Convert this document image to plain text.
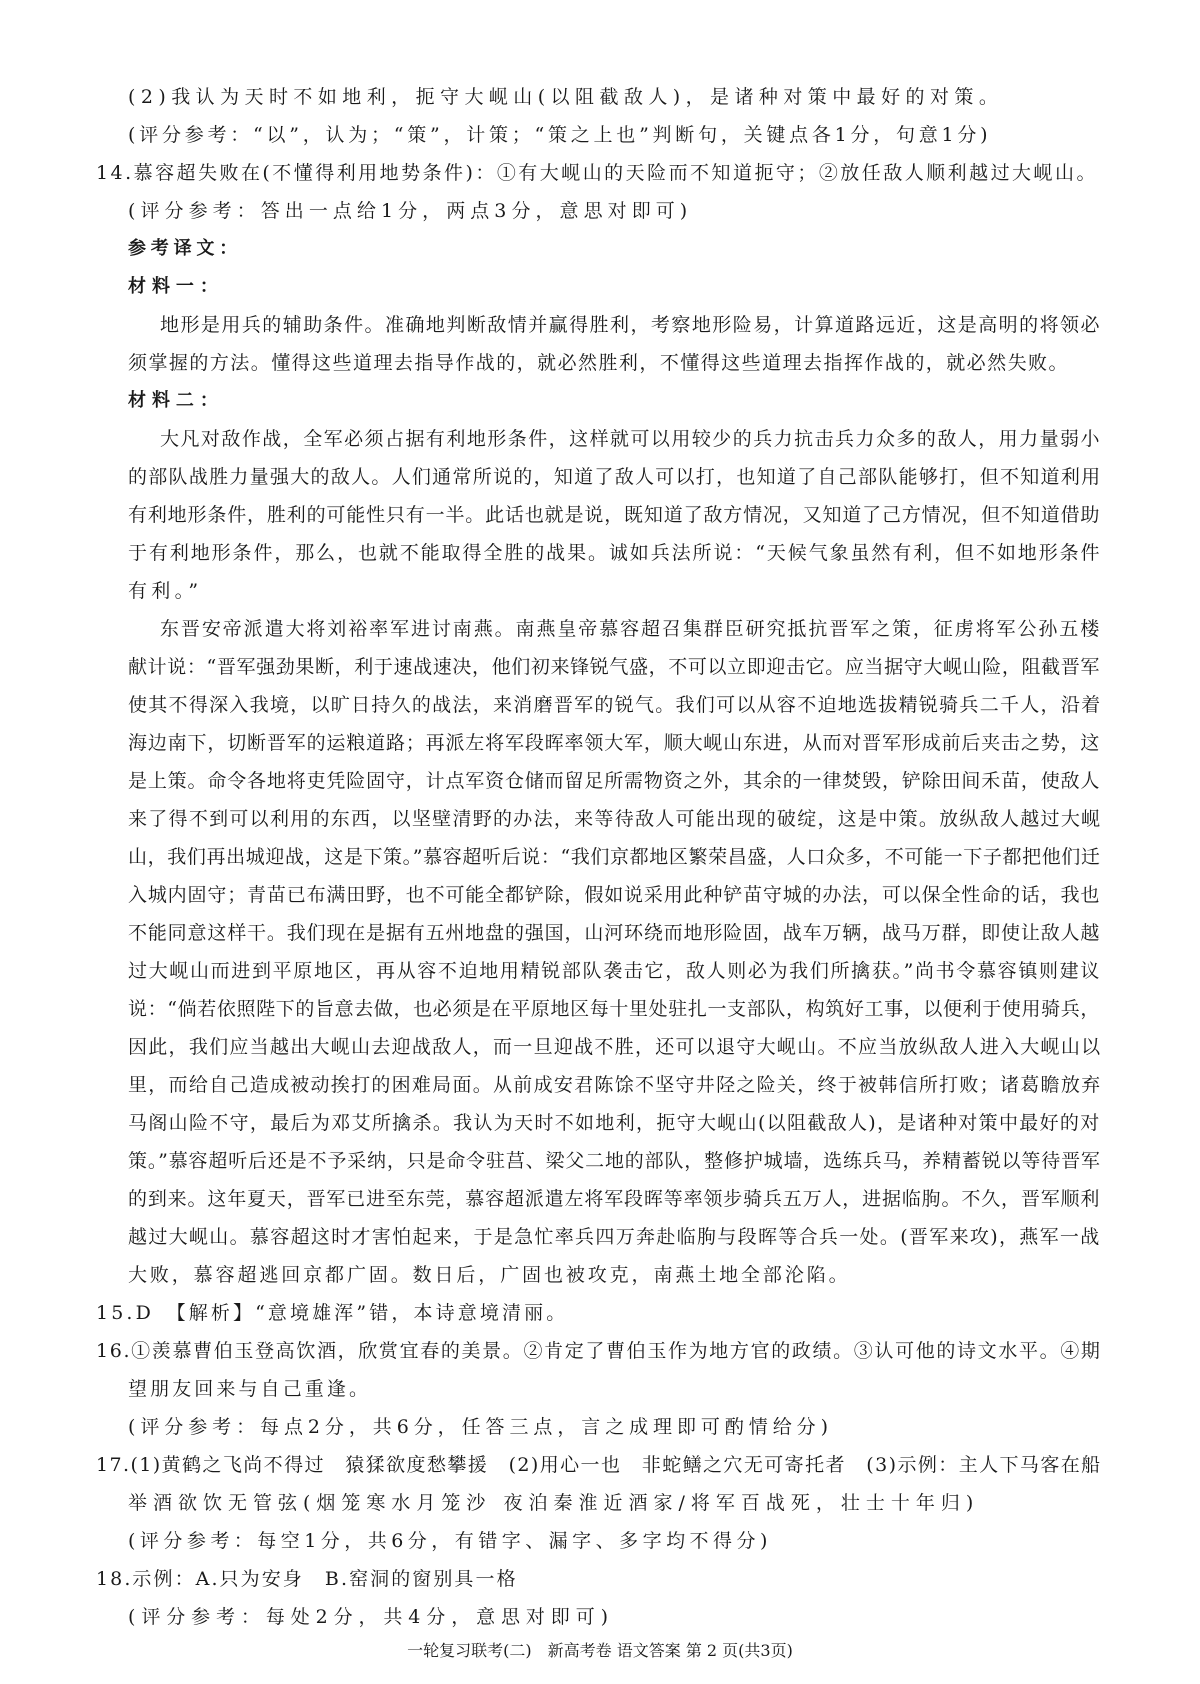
(2)我认为天时不如地利，扼守大岘山(以阻截敌人)，是诸种对策中最好的对策。
(评分参考：“以”，认为；“策”，计策；“策之上也”判断句，关键点各1分，句意1分)
14.慕容超失败在(不懂得利用地势条件)：①有大岘山的天险而不知道扼守；②放任敌人顺利越过大岘山。
(评分参考：答出一点给1分，两点3分，意思对即可)
参考译文：
材料一：
地形是用兵的辅助条件。准确地判断敌情并赢得胜利，考察地形险易，计算道路远近，这是高明的将领必
须掌握的方法。懂得这些道理去指导作战的，就必然胜利，不懂得这些道理去指挥作战的，就必然失败。
材料二：
大凡对敌作战，全军必须占据有利地形条件，这样就可以用较少的兵力抗击兵力众多的敌人，用力量弱小
的部队战胜力量强大的敌人。人们通常所说的，知道了敌人可以打，也知道了自己部队能够打，但不知道利用
有利地形条件，胜利的可能性只有一半。此话也就是说，既知道了敌方情况，又知道了己方情况，但不知道借助
于有利地形条件，那么，也就不能取得全胜的战果。诚如兵法所说：“天候气象虽然有利，但不如地形条件
有利。”
东晋安帝派遣大将刘裕率军进讨南燕。南燕皇帝慕容超召集群臣研究抵抗晋军之策，征虏将军公孙五楼
献计说：“晋军强劲果断，利于速战速决，他们初来锋锐气盛，不可以立即迎击它。应当据守大岘山险，阻截晋军
使其不得深入我境，以旷日持久的战法，来消磨晋军的锐气。我们可以从容不迫地选拔精锐骑兵二千人，沿着
海边南下，切断晋军的运粮道路；再派左将军段晖率领大军，顺大岘山东进，从而对晋军形成前后夹击之势，这
是上策。命令各地将吏凭险固守，计点军资仓储而留足所需物资之外，其余的一律焚毁，铲除田间禾苗，使敌人
来了得不到可以利用的东西，以坚壁清野的办法，来等待敌人可能出现的破绽，这是中策。放纵敌人越过大岘
山，我们再出城迎战，这是下策。”慕容超听后说：“我们京都地区繁荣昌盛，人口众多，不可能一下子都把他们迁
入城内固守；青苗已布满田野，也不可能全都铲除，假如说采用此种铲苗守城的办法，可以保全性命的话，我也
不能同意这样干。我们现在是据有五州地盘的强国，山河环绕而地形险固，战车万辆，战马万群，即使让敌人越
过大岘山而进到平原地区，再从容不迫地用精锐部队袭击它，敌人则必为我们所擒获。”尚书令慕容镇则建议
说：“倘若依照陛下的旨意去做，也必须是在平原地区每十里处驻扎一支部队，构筑好工事，以便利于使用骑兵，
因此，我们应当越出大岘山去迎战敌人，而一旦迎战不胜，还可以退守大岘山。不应当放纵敌人进入大岘山以
里，而给自己造成被动挨打的困难局面。从前成安君陈馀不坚守井陉之险关，终于被韩信所打败；诸葛瞻放弃
马阁山险不守，最后为邓艾所擒杀。我认为天时不如地利，扼守大岘山(以阻截敌人)，是诸种对策中最好的对
策。”慕容超听后还是不予采纳，只是命令驻莒、梁父二地的部队，整修护城墙，选练兵马，养精蓄锐以等待晋军
的到来。这年夏天，晋军已进至东莞，慕容超派遣左将军段晖等率领步骑兵五万人，进据临朐。不久，晋军顺利
越过大岘山。慕容超这时才害怕起来，于是急忙率兵四万奔赴临朐与段晖等合兵一处。(晋军来攻)，燕军一战
大败，慕容超逃回京都广固。数日后，广固也被攻克，南燕土地全部沦陷。
15.D　【解析】“意境雄浑”错，本诗意境清丽。
16.①羡慕曹伯玉登高饮酒，欣赏宜春的美景。②肯定了曹伯玉作为地方官的政绩。③认可他的诗文水平。④期
望朋友回来与自己重逢。
(评分参考：每点2分，共6分，任答三点，言之成理即可酌情给分)
17.(1)黄鹤之飞尚不得过　猿猱欲度愁攀援　(2)用心一也　非蛇鳝之穴无可寄托者　(3)示例：主人下马客在船
举酒欲饮无管弦(烟笼寒水月笼沙 夜泊秦淮近酒家/将军百战死，壮士十年归)
(评分参考：每空1分，共6分，有错字、漏字、多字均不得分)
18.示例：A.只为安身　B.窑洞的窗别具一格
(评分参考：每处2分，共4分，意思对即可)
一轮复习联考(二)　新高考卷 语文答案 第 2 页(共3页)
